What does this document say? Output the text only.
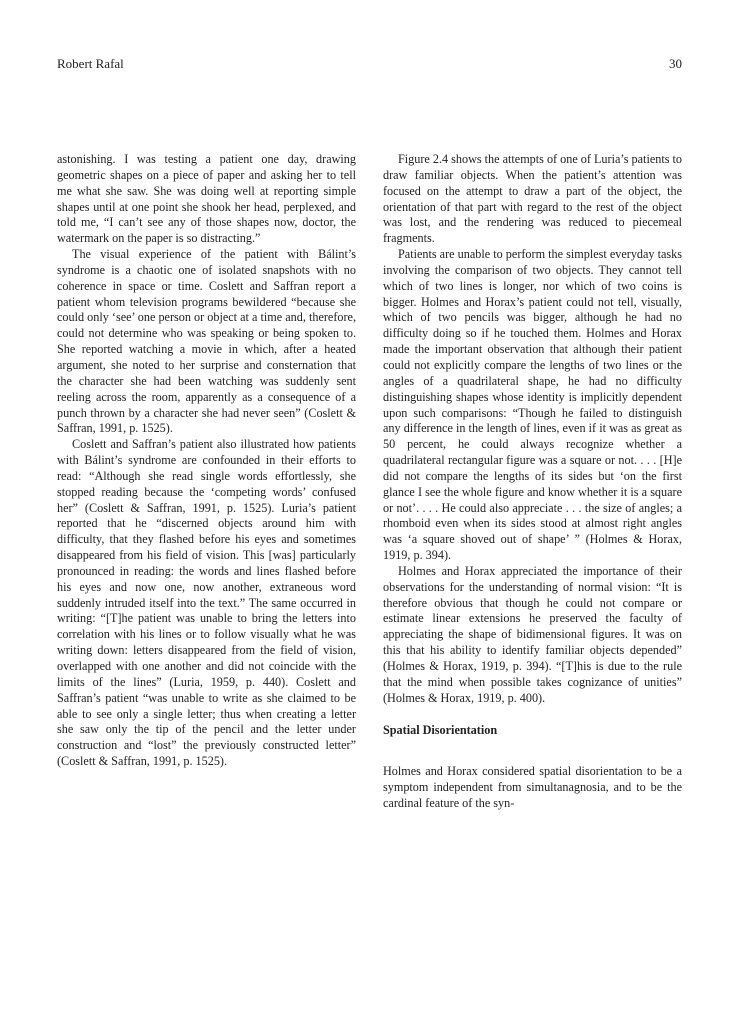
Robert Rafal	30

astonishing. I was testing a patient one day, drawing geometric shapes on a piece of paper and asking her to tell me what she saw. She was doing well at reporting simple shapes until at one point she shook her head, perplexed, and told me, “I can’t see any of those shapes now, doctor, the watermark on the paper is so distracting.”

The visual experience of the patient with Bálint’s syndrome is a chaotic one of isolated snapshots with no coherence in space or time. Coslett and Saffran report a patient whom television programs bewildered “because she could only ‘see’ one person or object at a time and, therefore, could not determine who was speaking or being spoken to. She reported watching a movie in which, after a heated argument, she noted to her surprise and consternation that the character she had been watching was suddenly sent reeling across the room, apparently as a consequence of a punch thrown by a character she had never seen” (Coslett & Saffran, 1991, p. 1525).

Coslett and Saffran’s patient also illustrated how patients with Bálint’s syndrome are confounded in their efforts to read: “Although she read single words effortlessly, she stopped reading because the ‘competing words’ confused her” (Coslett & Saffran, 1991, p. 1525). Luria’s patient reported that he “discerned objects around him with difficulty, that they flashed before his eyes and sometimes disappeared from his field of vision. This [was] particularly pronounced in reading: the words and lines flashed before his eyes and now one, now another, extraneous word suddenly intruded itself into the text.” The same occurred in writing: “[T]he patient was unable to bring the letters into correlation with his lines or to follow visually what he was writing down: letters disappeared from the field of vision, overlapped with one another and did not coincide with the limits of the lines” (Luria, 1959, p. 440). Coslett and Saffran’s patient “was unable to write as she claimed to be able to see only a single letter; thus when creating a letter she saw only the tip of the pencil and the letter under construction and “lost” the previously constructed letter” (Coslett & Saffran, 1991, p. 1525).

Figure 2.4 shows the attempts of one of Luria’s patients to draw familiar objects. When the patient’s attention was focused on the attempt to draw a part of the object, the orientation of that part with regard to the rest of the object was lost, and the rendering was reduced to piecemeal fragments.

Patients are unable to perform the simplest everyday tasks involving the comparison of two objects. They cannot tell which of two lines is longer, nor which of two coins is bigger. Holmes and Horax’s patient could not tell, visually, which of two pencils was bigger, although he had no difficulty doing so if he touched them. Holmes and Horax made the important observation that although their patient could not explicitly compare the lengths of two lines or the angles of a quadrilateral shape, he had no difficulty distinguishing shapes whose identity is implicitly dependent upon such comparisons: “Though he failed to distinguish any difference in the length of lines, even if it was as great as 50 percent, he could always recognize whether a quadrilateral rectangular figure was a square or not. . . . [H]e did not compare the lengths of its sides but ‘on the first glance I see the whole figure and know whether it is a square or not’. . . . He could also appreciate . . . the size of angles; a rhomboid even when its sides stood at almost right angles was ‘a square shoved out of shape’ ” (Holmes & Horax, 1919, p. 394).

Holmes and Horax appreciated the importance of their observations for the understanding of normal vision: “It is therefore obvious that though he could not compare or estimate linear extensions he preserved the faculty of appreciating the shape of bidimensional figures. It was on this that his ability to identify familiar objects depended” (Holmes & Horax, 1919, p. 394). “[T]his is due to the rule that the mind when possible takes cognizance of unities” (Holmes & Horax, 1919, p. 400).

Spatial Disorientation

Holmes and Horax considered spatial disorientation to be a symptom independent from simultanagnosia, and to be the cardinal feature of the syn-
